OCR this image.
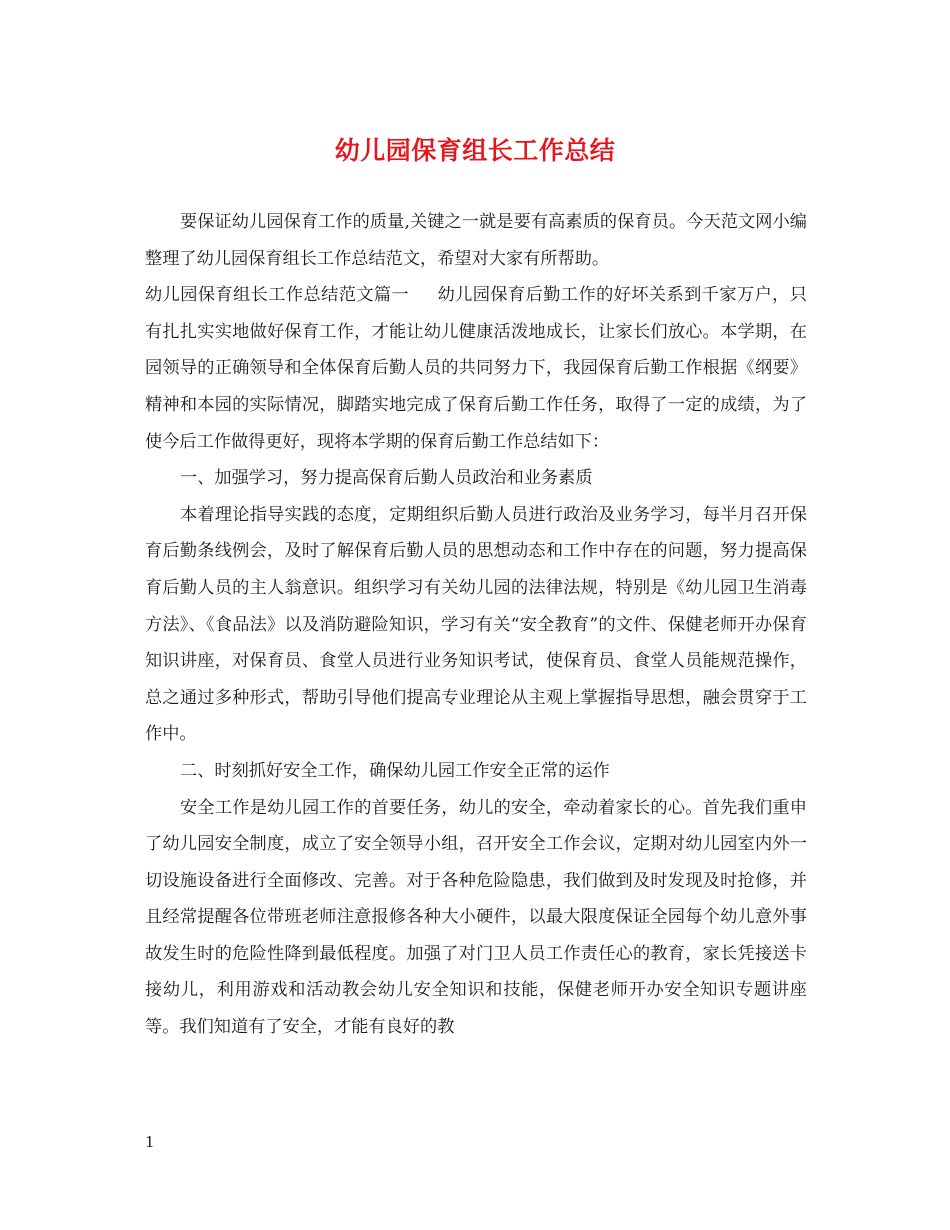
幼儿园保育组长工作总结

要保证幼儿园保育工作的质量,关键之一就是要有高素质的保育员。今天范文网小编整理了幼儿园保育组长工作总结范文，希望对大家有所帮助。

幼儿园保育组长工作总结范文篇一 幼儿园保育后勤工作的好坏关系到千家万户，只有扎扎实实地做好保育工作，才能让幼儿健康活泼地成长，让家长们放心。本学期，在园领导的正确领导和全体保育后勤人员的共同努力下，我园保育后勤工作根据《纲要》精神和本园的实际情况，脚踏实地完成了保育后勤工作任务，取得了一定的成绩，为了使今后工作做得更好，现将本学期的保育后勤工作总结如下：

一、加强学习，努力提高保育后勤人员政治和业务素质

本着理论指导实践的态度，定期组织后勤人员进行政治及业务学习，每半月召开保育后勤条线例会，及时了解保育后勤人员的思想动态和工作中存在的问题，努力提高保育后勤人员的主人翁意识。组织学习有关幼儿园的法律法规，特别是《幼儿园卫生消毒方法》、《食品法》以及消防避险知识，学习有关“安全教育”的文件、保健老师开办保育知识讲座，对保育员、食堂人员进行业务知识考试，使保育员、食堂人员能规范操作，总之通过多种形式，帮助引导他们提高专业理论从主观上掌握指导思想，融会贯穿于工作中。

二、时刻抓好安全工作，确保幼儿园工作安全正常的运作

安全工作是幼儿园工作的首要任务，幼儿的安全，牵动着家长的心。首先我们重申了幼儿园安全制度，成立了安全领导小组，召开安全工作会议，定期对幼儿园室内外一切设施设备进行全面修改、完善。对于各种危险隐患，我们做到及时发现及时抢修，并且经常提醒各位带班老师注意报修各种大小硬件，以最大限度保证全园每个幼儿意外事故发生时的危险性降到最低程度。加强了对门卫人员工作责任心的教育，家长凭接送卡接幼儿，利用游戏和活动教会幼儿安全知识和技能，保健老师开办安全知识专题讲座等。我们知道有了安全，才能有良好的教

1
